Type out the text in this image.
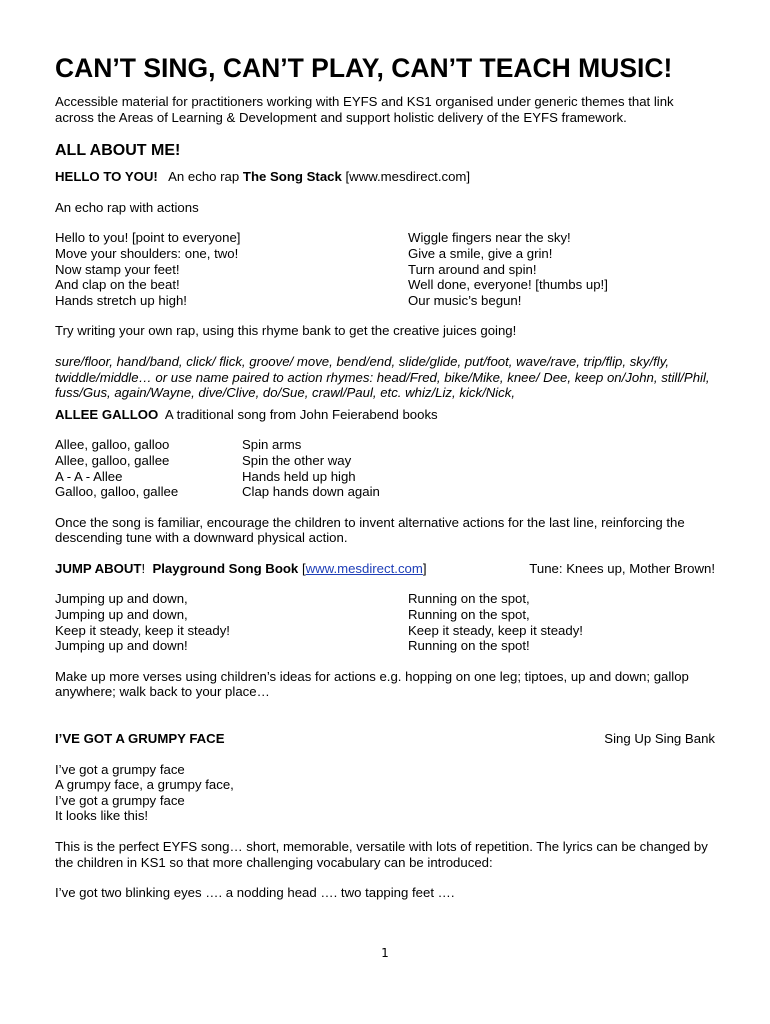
CAN’T SING, CAN’T PLAY, CAN’T TEACH MUSIC!

Accessible material for practitioners working with EYFS and KS1 organised under generic themes that link across the Areas of Learning & Development and support holistic delivery of the EYFS framework.

ALL ABOUT ME!

HELLO TO YOU! An echo rap The Song Stack [www.mesdirect.com]

An echo rap with actions

Hello to you! [point to everyone]
Move your shoulders: one, two!
Now stamp your feet!
And clap on the beat!
Hands stretch up high!
Wiggle fingers near the sky!
Give a smile, give a grin!
Turn around and spin!
Well done, everyone! [thumbs up!]
Our music’s begun!

Try writing your own rap, using this rhyme bank to get the creative juices going!

sure/floor, hand/band, click/ flick, groove/ move, bend/end, slide/glide, put/foot, wave/rave, trip/flip, sky/fly, twiddle/middle… or use name paired to action rhymes: head/Fred, bike/Mike, knee/ Dee, keep on/John, still/Phil, fuss/Gus, again/Wayne, dive/Clive, do/Sue, crawl/Paul, etc. whiz/Liz, kick/Nick,

ALLEE GALLOO A traditional song from John Feierabend books

Allee, galloo, galloo
Allee, galloo, gallee
A - A - Allee
Galloo, galloo, gallee
Spin arms
Spin the other way
Hands held up high
Clap hands down again

Once the song is familiar, encourage the children to invent alternative actions for the last line, reinforcing the descending tune with a downward physical action.

JUMP ABOUT! Playground Song Book [www.mesdirect.com]	Tune: Knees up, Mother Brown!

Jumping up and down,
Jumping up and down,
Keep it steady, keep it steady!
Jumping up and down!
Running on the spot,
Running on the spot,
Keep it steady, keep it steady!
Running on the spot!

Make up more verses using children’s ideas for actions e.g. hopping on one leg; tiptoes, up and down; gallop anywhere; walk back to your place…

I’VE GOT A GRUMPY FACE	Sing Up Sing Bank

I’ve got a grumpy face
A grumpy face, a grumpy face,
I’ve got a grumpy face
It looks like this!

This is the perfect EYFS song… short, memorable, versatile with lots of repetition. The lyrics can be changed by the children in KS1 so that more challenging vocabulary can be introduced:

I’ve got two blinking eyes …. a nodding head …. two tapping feet ….

1
